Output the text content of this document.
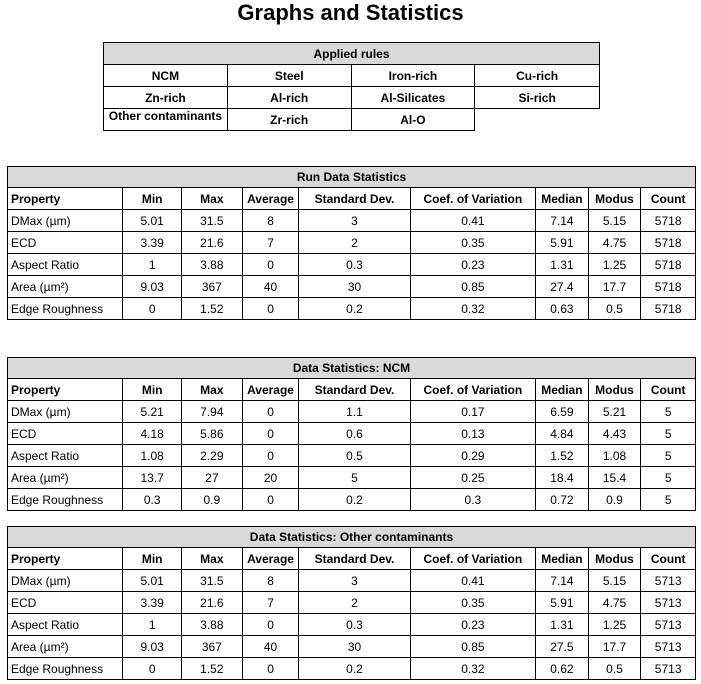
Graphs and Statistics
Applied rules			
NCM	Steel	Iron-rich	Cu-rich
Zn-rich	Al-rich	Al-Silicates	Si-rich

Other contaminants	Zr-rich	Al-O	
Run Data Statistics								
Property	Min	Max	Average	Standard Dev.	Coef. of Variation	Median	Modus	Count
DMax (µm)	5.01	31.5	8	3	0.41	7.14	5.15	5718
ECD	3.39	21.6	7	2	0.35	5.91	4.75	5718
Aspect Ratio	1	3.88	0	0.3	0.23	1.31	1.25	5718
Area (µm²)	9.03	367	40	30	0.85	27.4	17.7	5718
Edge Roughness	0	1.52	0	0.2	0.32	0.63	0.5	5718
Data Statistics: NCM								
Property	Min	Max	Average	Standard Dev.	Coef. of Variation	Median	Modus	Count
DMax (µm)	5.21	7.94	0	1.1	0.17	6.59	5.21	5
ECD	4.18	5.86	0	0.6	0.13	4.84	4.43	5
Aspect Ratio	1.08	2.29	0	0.5	0.29	1.52	1.08	5
Area (µm²)	13.7	27	20	5	0.25	18.4	15.4	5
Edge Roughness	0.3	0.9	0	0.2	0.3	0.72	0.9	5
Data Statistics: Other contaminants								
Property	Min	Max	Average	Standard Dev.	Coef. of Variation	Median	Modus	Count
DMax (µm)	5.01	31.5	8	3	0.41	7.14	5.15	5713
ECD	3.39	21.6	7	2	0.35	5.91	4.75	5713
Aspect Ratio	1	3.88	0	0.3	0.23	1.31	1.25	5713
Area (µm²)	9.03	367	40	30	0.85	27.5	17.7	5713
Edge Roughness	0	1.52	0	0.2	0.32	0.62	0.5	5713
